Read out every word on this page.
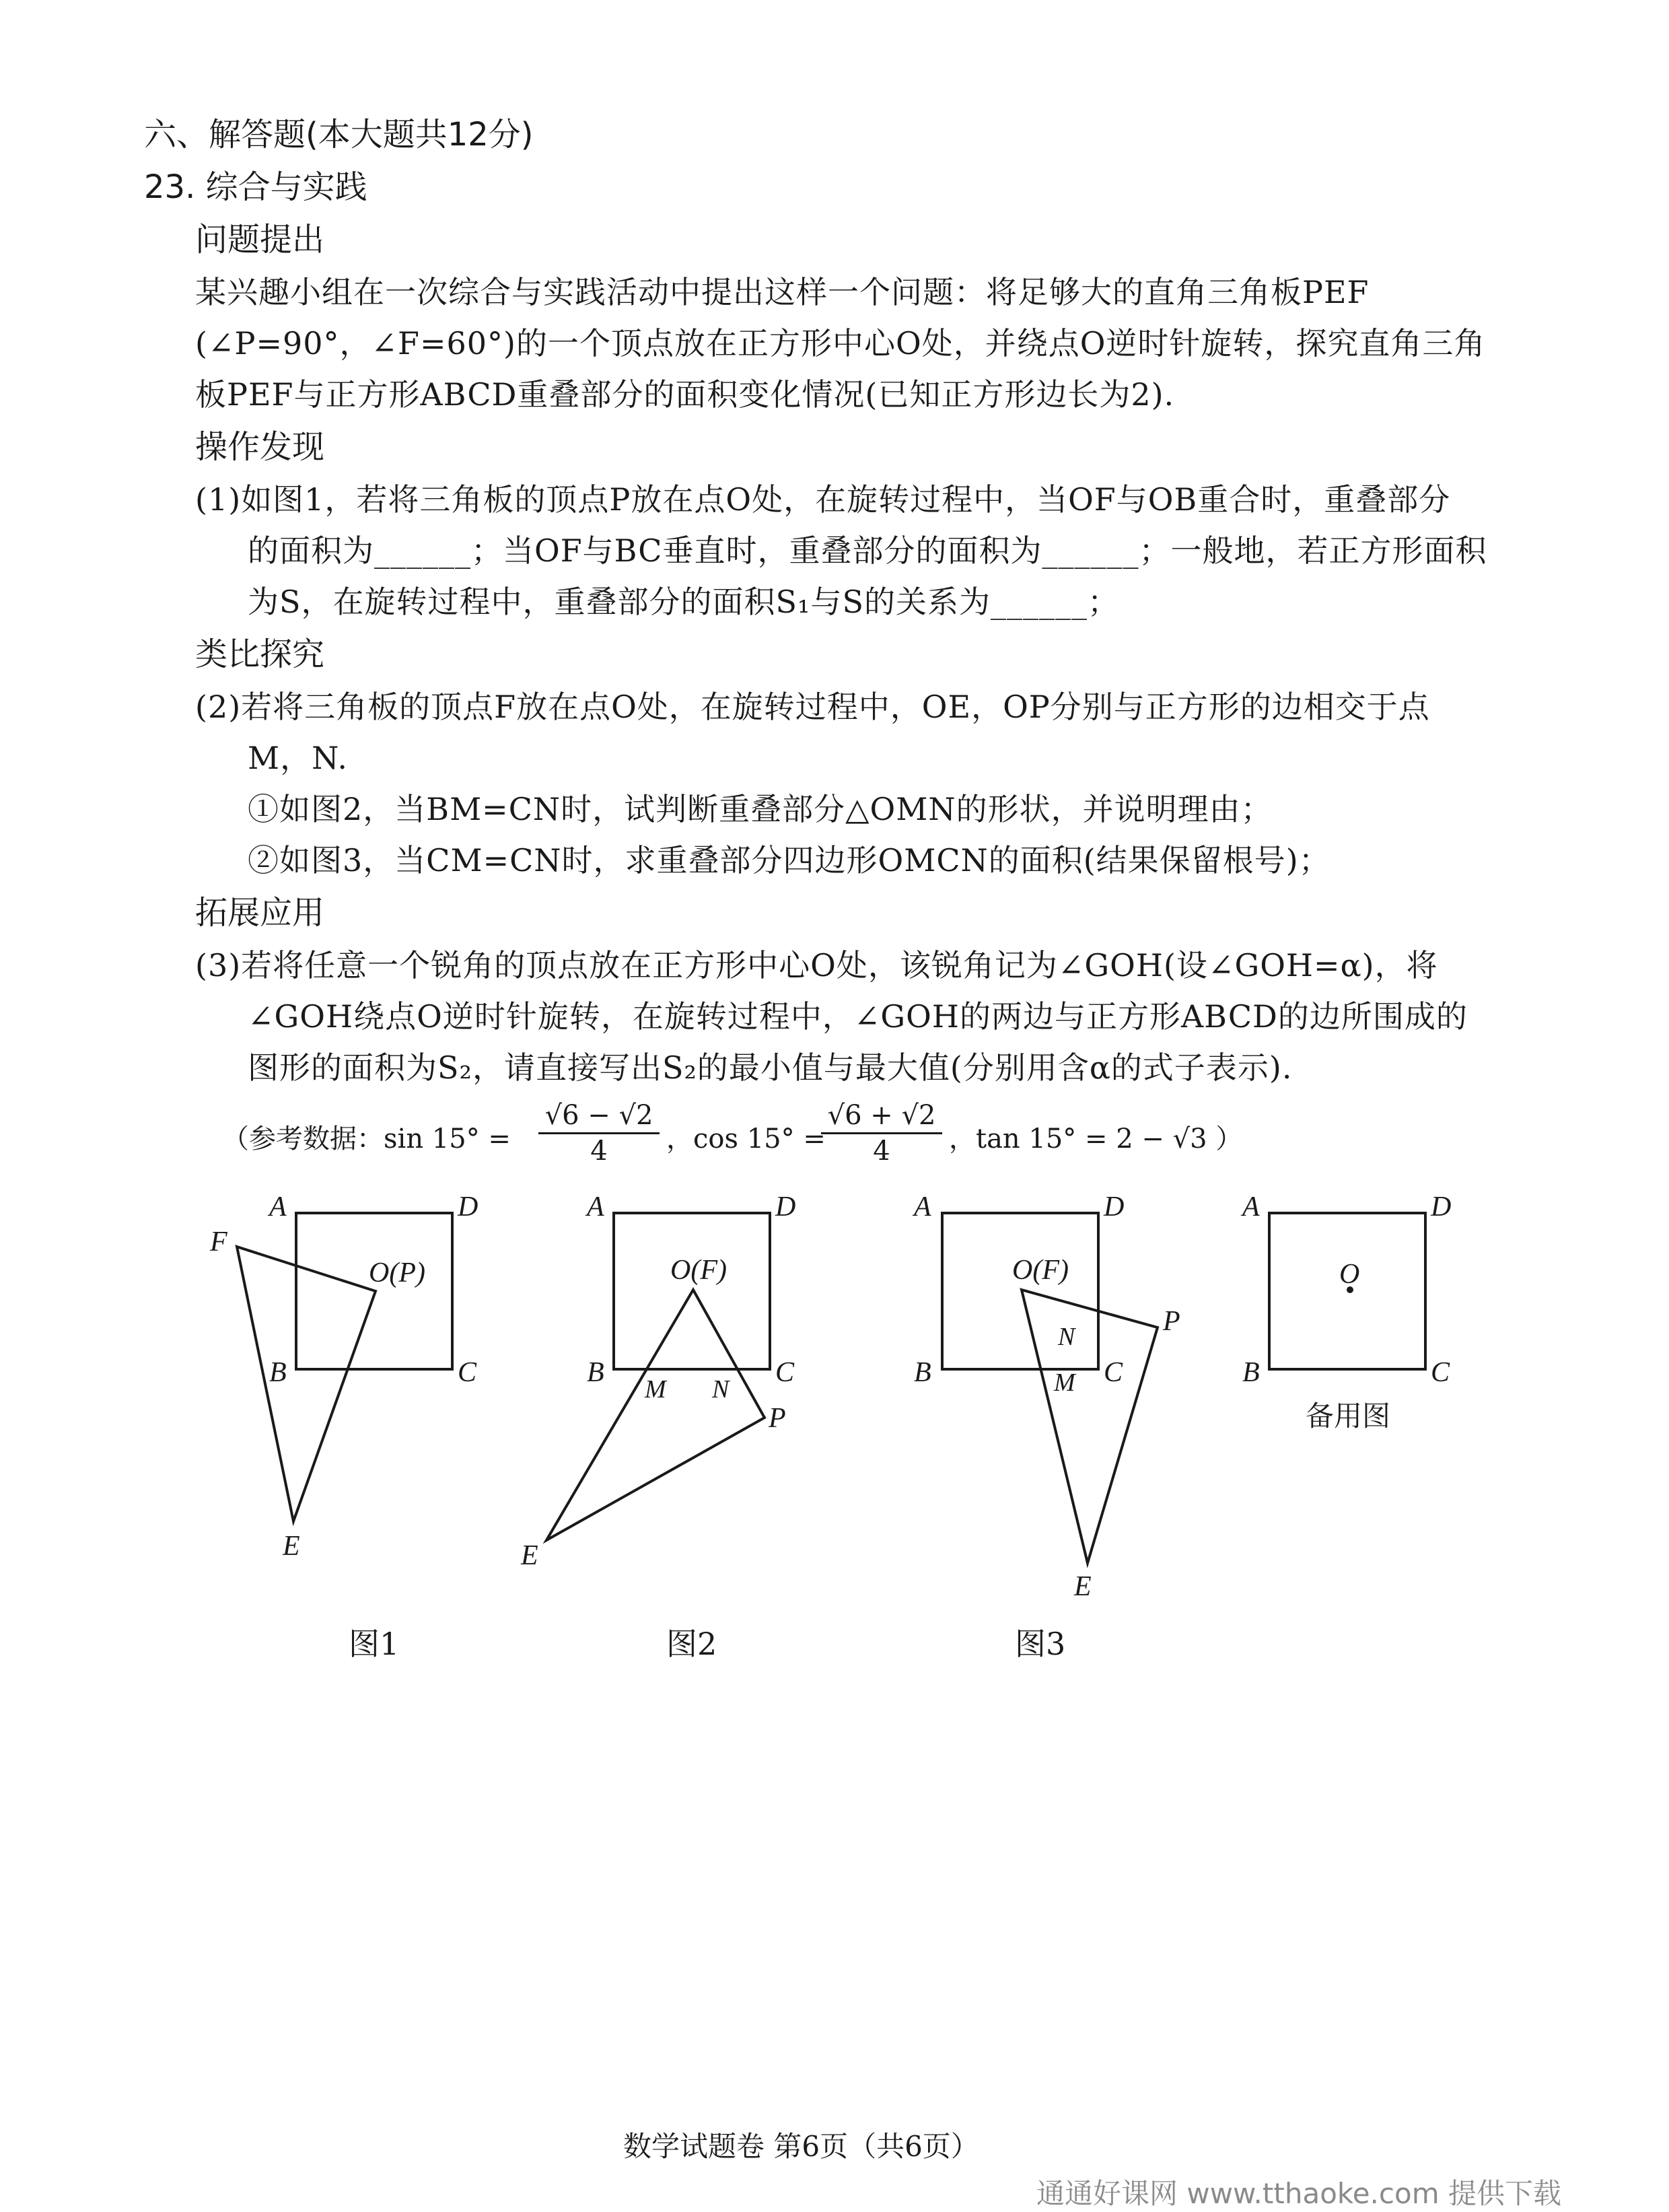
六、解答题(本大题共12分)
23. 综合与实践
问题提出
某兴趣小组在一次综合与实践活动中提出这样一个问题：将足够大的直角三角板PEF
(∠P=90°，∠F=60°)的一个顶点放在正方形中心O处，并绕点O逆时针旋转，探究直角三角
板PEF与正方形ABCD重叠部分的面积变化情况(已知正方形边长为2).
操作发现
(1)如图1，若将三角板的顶点P放在点O处，在旋转过程中，当OF与OB重合时，重叠部分
的面积为______；当OF与BC垂直时，重叠部分的面积为______；一般地，若正方形面积
为S，在旋转过程中，重叠部分的面积S₁与S的关系为______；
类比探究
(2)若将三角板的顶点F放在点O处，在旋转过程中，OE，OP分别与正方形的边相交于点
M，N.
①如图2，当BM=CN时，试判断重叠部分△OMN的形状，并说明理由；
②如图3，当CM=CN时，求重叠部分四边形OMCN的面积(结果保留根号)；
拓展应用
(3)若将任意一个锐角的顶点放在正方形中心O处，该锐角记为∠GOH(设∠GOH=α)，将
∠GOH绕点O逆时针旋转，在旋转过程中，∠GOH的两边与正方形ABCD的边所围成的
图形的面积为S₂，请直接写出S₂的最小值与最大值(分别用含α的式子表示).
（参考数据：$\sin 15^\circ = \frac{√6 - √2}{4}$ ，cos 15° =
$\frac{√6 + √2}{4}$ ，tan 15° = 2 − √3 ）
A	D
B	C
F
O(P)
E
A	D
B	C
O(F)
M N
P
E
A	D
B	C
O(F)
N
M
P
E
A	D
B	C
O
备用图
图1	图2	图3
数学试题卷 第6页（共6页）
通通好课网 www.tthaoke.com 提供下载
